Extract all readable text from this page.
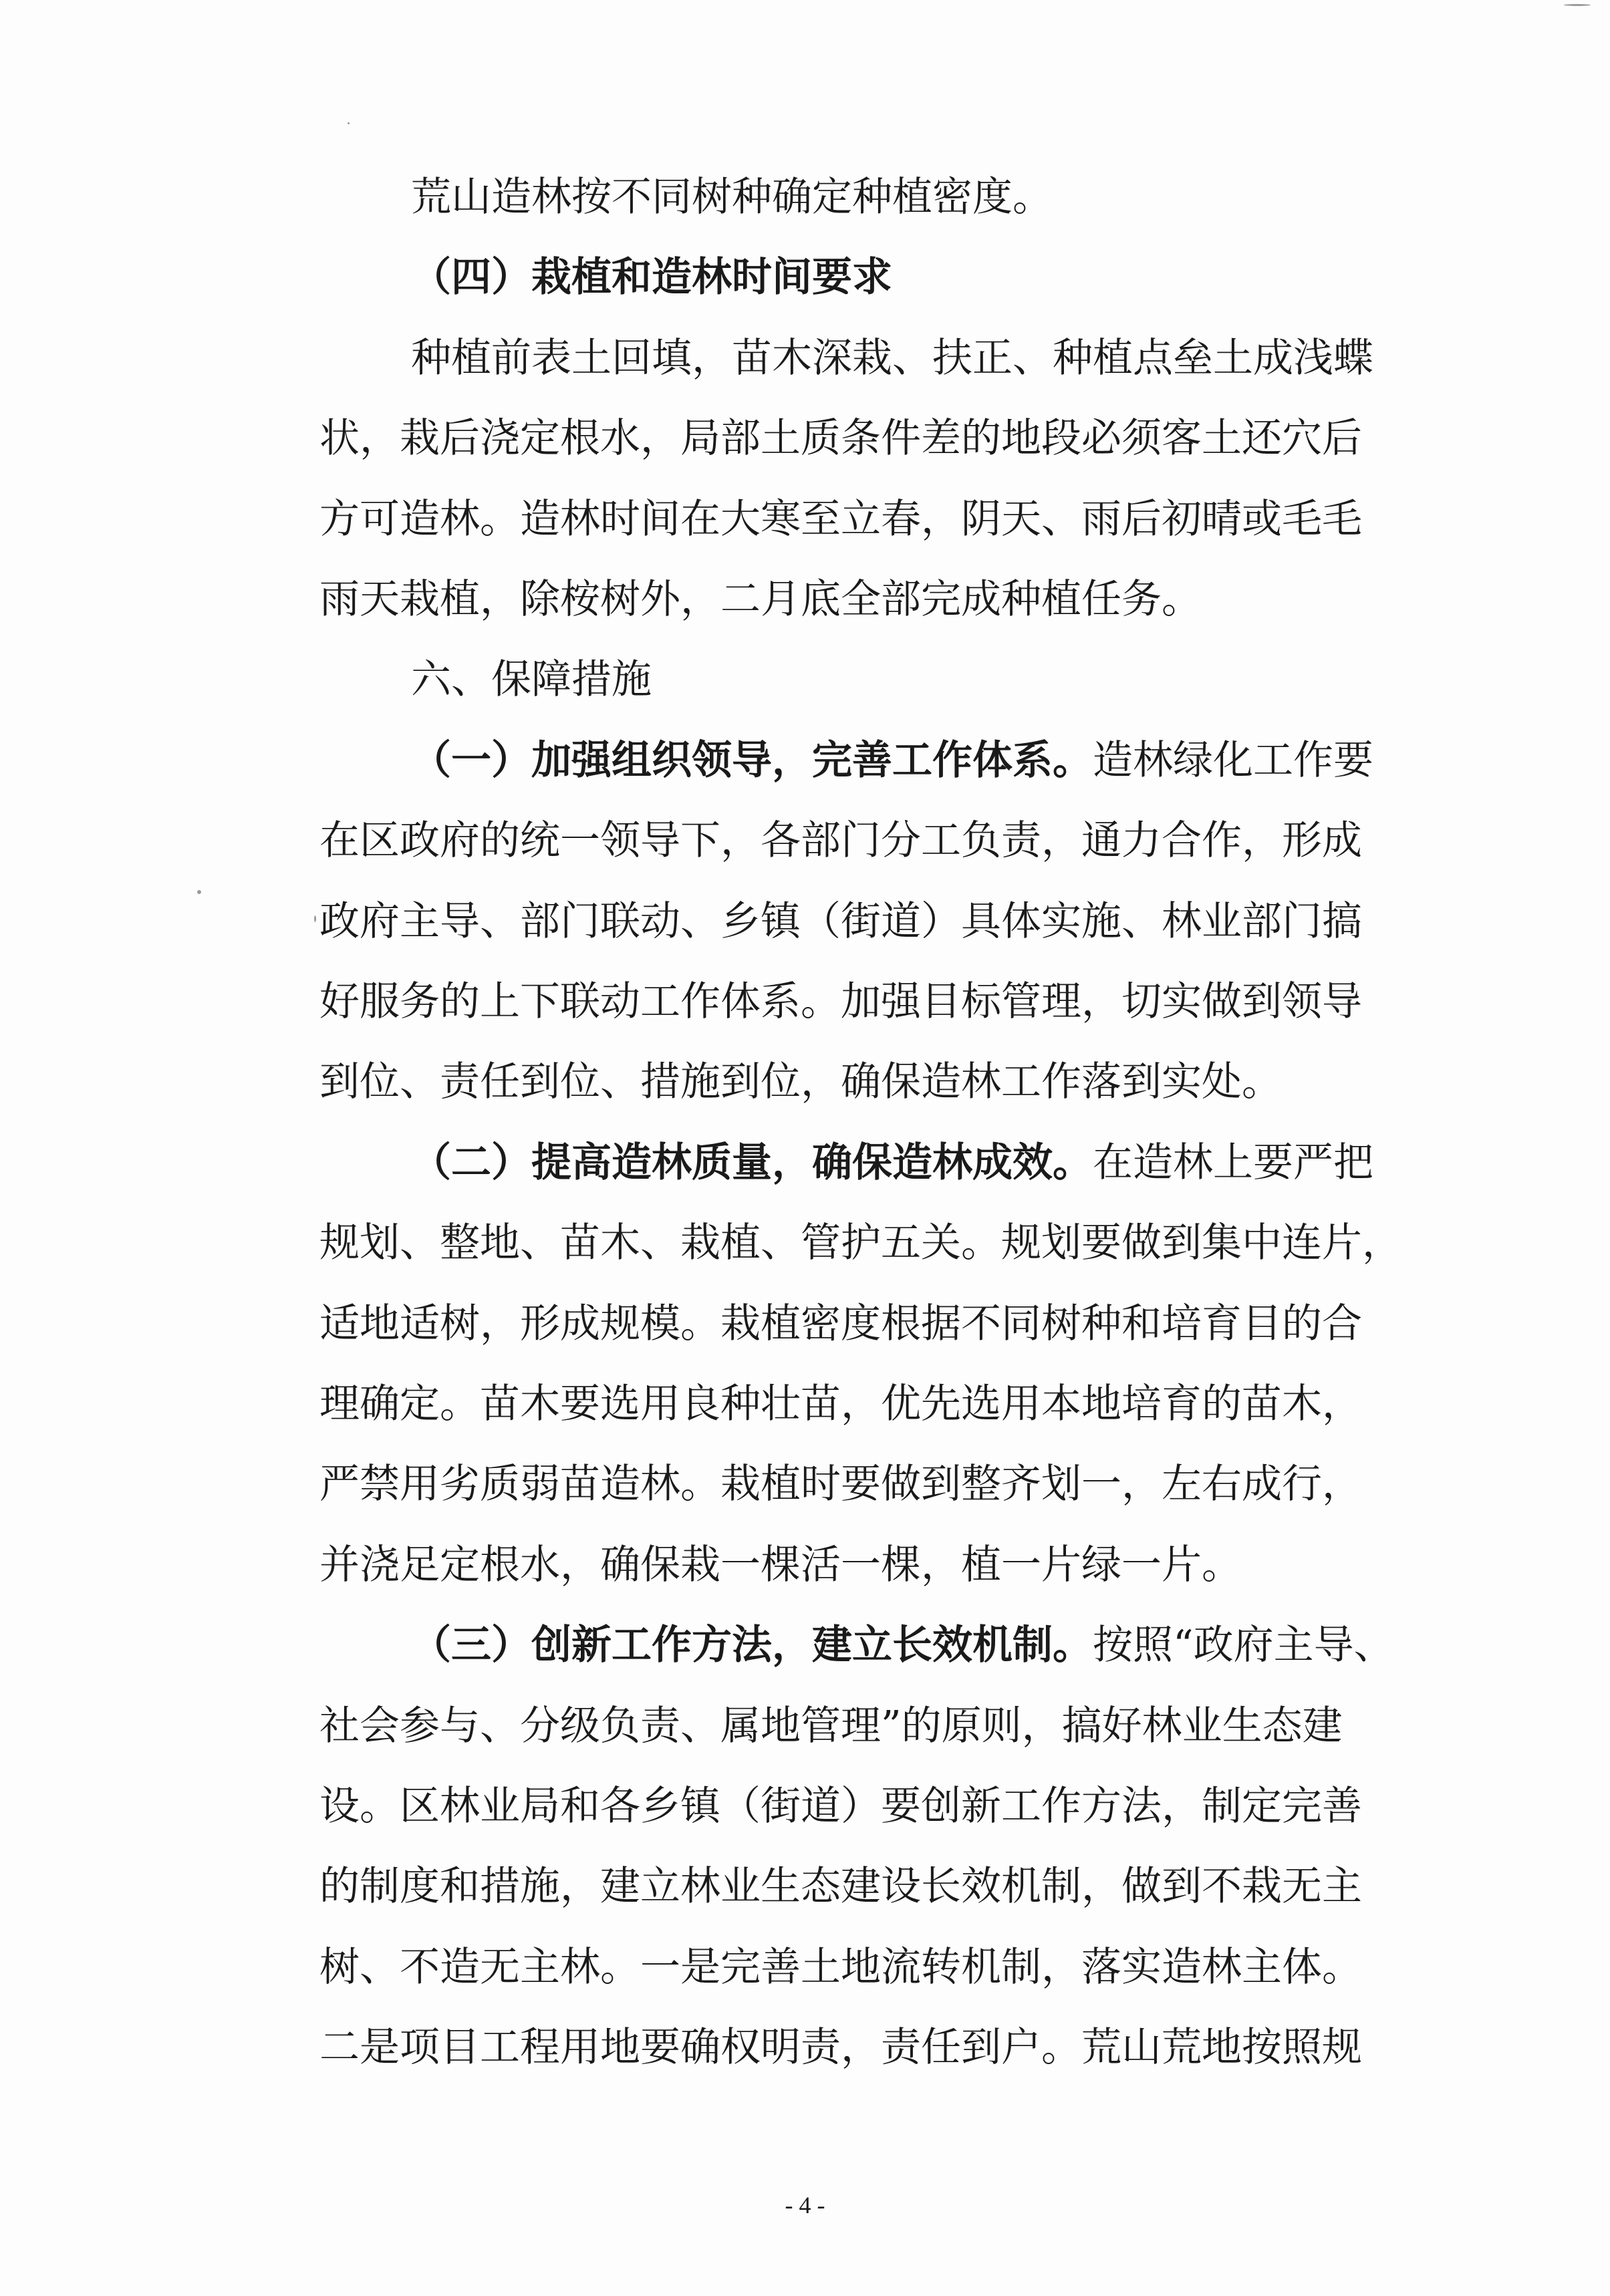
荒山造林按不同树种确定种植密度。
（四）栽植和造林时间要求
种植前表土回填，苗木深栽、扶正、种植点垒土成浅蝶
状，栽后浇定根水，局部土质条件差的地段必须客土还穴后
方可造林。造林时间在大寒至立春，阴天、雨后初晴或毛毛
雨天栽植，除桉树外，二月底全部完成种植任务。
六、保障措施
（一）加强组织领导，完善工作体系。造林绿化工作要
在区政府的统一领导下，各部门分工负责，通力合作，形成
政府主导、部门联动、乡镇（街道）具体实施、林业部门搞
好服务的上下联动工作体系。加强目标管理，切实做到领导
到位、责任到位、措施到位，确保造林工作落到实处。
（二）提高造林质量，确保造林成效。在造林上要严把
规划、整地、苗木、栽植、管护五关。规划要做到集中连片，
适地适树，形成规模。栽植密度根据不同树种和培育目的合
理确定。苗木要选用良种壮苗，优先选用本地培育的苗木，
严禁用劣质弱苗造林。栽植时要做到整齐划一，左右成行，
并浇足定根水，确保栽一棵活一棵，植一片绿一片。
（三）创新工作方法，建立长效机制。按照“政府主导、
社会参与、分级负责、属地管理”的原则，搞好林业生态建
设。区林业局和各乡镇（街道）要创新工作方法，制定完善
的制度和措施，建立林业生态建设长效机制，做到不栽无主
树、不造无主林。一是完善土地流转机制，落实造林主体。
二是项目工程用地要确权明责，责任到户。荒山荒地按照规
- 4 -
